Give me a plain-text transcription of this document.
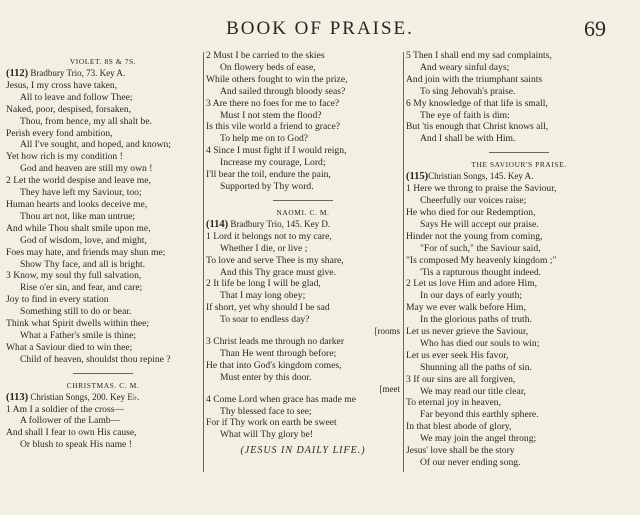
BOOK OF PRAISE.	69
VIOLET. 8S & 7S.
(112) Bradbury Trio, 73. Key A.
Jesus, I my cross have taken,
All to leave and follow Thee;
Naked, poor, despised, forsaken,
Thou, from hence, my all shalt be.
Perish every fond ambition,
All I've sought, and hoped, and known;
Yet how rich is my condition !
God and heaven are still my own !
2 Let the world despise and leave me,
They have left my Saviour, too;
Human hearts and looks deceive me,
Thou art not, like man untrue;
And while Thou shalt smile upon me,
God of wisdom, love, and might,
Foes may hate, and friends may shun me;
Show Thy face, and all is bright.
3 Know, my soul thy full salvation,
Rise o'er sin, and fear, and care;
Joy to find in every station
Something still to do or bear.
Think what Spirit dwells within thee;
What a Father's smile is thine;
What a Saviour died to win thee;
Child of heaven, shouldst thou repine ?
CHRISTMAS. C. M.
(113) Christian Songs, 200. Key E♭.
1 Am I a soldier of the cross—
A follower of the Lamb—
And shall I fear to own His cause,
Or blush to speak His name !
2 Must I be carried to the skies
On flowery beds of ease,
While others fought to win the prize,
And sailed through bloody seas?
3 Are there no foes for me to face?
Must I not stem the flood?
Is this vile world a friend to grace?
To help me on to God?
4 Since I must fight if I would reign,
Increase my courage, Lord;
I'll bear the toil, endure the pain,
Supported by Thy word.
NAOMI. C. M.
(114) Bradbury Trio, 145. Key D.
1 Lord it belongs not to my care,
Whether I die, or live ;
To love and serve Thee is my share,
And this Thy grace must give.
2 It life be long I will be glad,
That I may long obey;
If short, yet why should I be sad
To soar to endless day?
[rooms
3 Christ leads me through no darker
Than He went through before;
He that into God's kingdom comes,
Must enter by this door.
[meet
4 Come Lord when grace has made me
Thy blessed face to see;
For if Thy work on earth be sweet
What will Thy glory be!
(JESUS IN DAILY LIFE.)
5 Then I shall end my sad complaints,
And weary sinful days;
And join with the triumphant saints
To sing Jehovah's praise.
6 My knowledge of that life is small,
The eye of faith is dim:
But 'tis enough that Christ knows all,
And I shall be with Him.
THE SAVIOUR'S PRAISE.
(115)Christian Songs, 145. Key A.
1 Here we throng to praise the Saviour,
Cheerfully our voices raise;
He who died for our Redemption,
Says He will accept our praise.
Hinder not the young from coming,
"For of such," the Saviour said,
"Is composed My heavenly kingdom ;"
'Tis a rapturous thought indeed.
2 Let us love Him and adore Him,
In our days of early youth;
May we ever walk before Him,
In the glorious paths of truth.
Let us never grieve the Saviour,
Who has died our souls to win;
Let us ever seek His favor,
Shunning all the paths of sin.
3 If our sins are all forgiven,
We may read our title clear,
To eternal joy in heaven,
Far beyond this earthly sphere.
In that blest abode of glory,
We may join the angel throng;
Jesus' love shall be the story
Of our never ending song.
